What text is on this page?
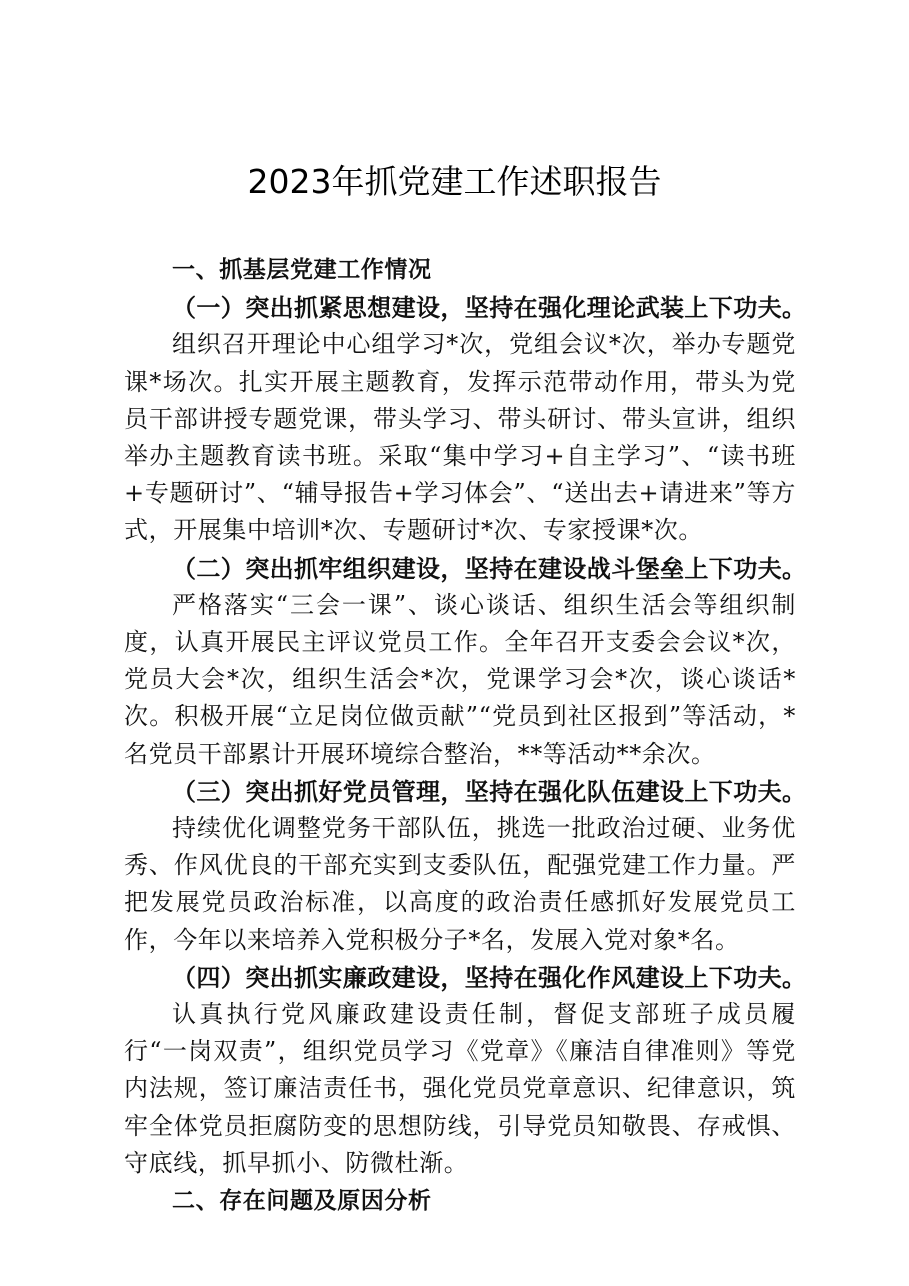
2023年抓党建工作述职报告

一、抓基层党建工作情况

（一）突出抓紧思想建设，坚持在强化理论武装上下功夫。

组织召开理论中心组学习*次，党组会议*次，举办专题党课*场次。扎实开展主题教育，发挥示范带动作用，带头为党员干部讲授专题党课，带头学习、带头研讨、带头宣讲，组织举办主题教育读书班。采取“集中学习+自主学习”、“读书班+专题研讨”、“辅导报告+学习体会”、“送出去+请进来”等方式，开展集中培训*次、专题研讨*次、专家授课*次。

（二）突出抓牢组织建设，坚持在建设战斗堡垒上下功夫。

严格落实“三会一课”、谈心谈话、组织生活会等组织制度，认真开展民主评议党员工作。全年召开支委会会议*次，党员大会*次，组织生活会*次，党课学习会*次，谈心谈话*次。积极开展“立足岗位做贡献”“党员到社区报到”等活动，*名党员干部累计开展环境综合整治，**等活动**余次。

（三）突出抓好党员管理，坚持在强化队伍建设上下功夫。

持续优化调整党务干部队伍，挑选一批政治过硬、业务优秀、作风优良的干部充实到支委队伍，配强党建工作力量。严把发展党员政治标准，以高度的政治责任感抓好发展党员工作，今年以来培养入党积极分子*名，发展入党对象*名。

（四）突出抓实廉政建设，坚持在强化作风建设上下功夫。

认真执行党风廉政建设责任制，督促支部班子成员履行“一岗双责”，组织党员学习《党章》《廉洁自律准则》等党内法规，签订廉洁责任书，强化党员党章意识、纪律意识，筑牢全体党员拒腐防变的思想防线，引导党员知敬畏、存戒惧、守底线，抓早抓小、防微杜渐。

二、存在问题及原因分析
